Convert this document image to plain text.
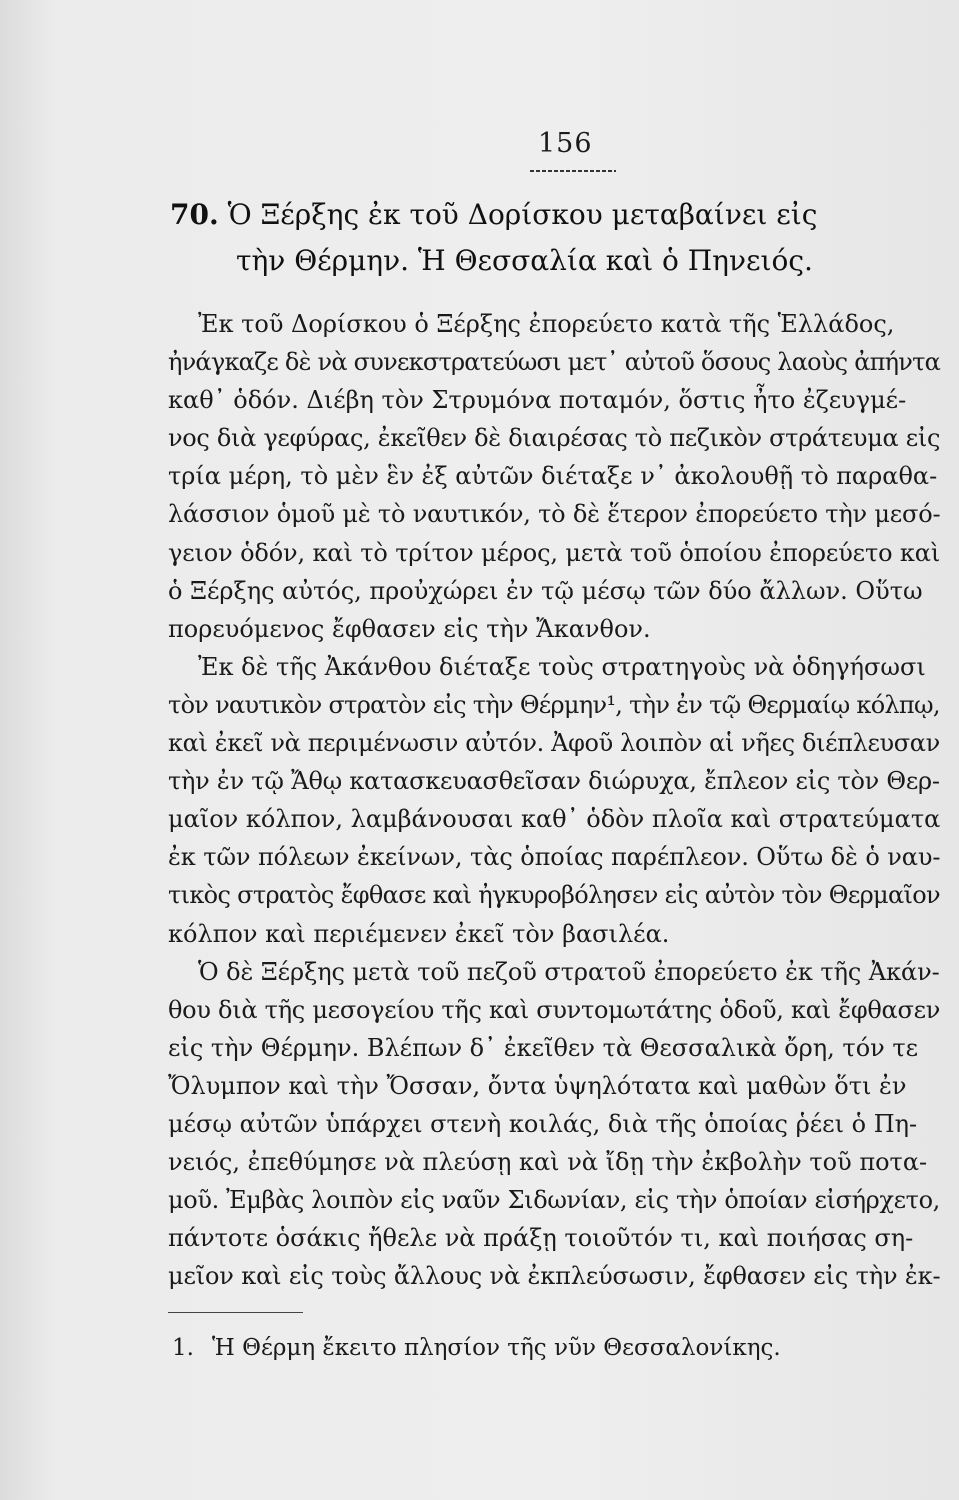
156
70. Ὁ Ξέρξης ἐκ τοῦ Δορίσκου μεταβαίνει εἰς
τὴν Θέρμην. Ἡ Θεσσαλία καὶ ὁ Πηνειός.
Ἐκ τοῦ Δορίσκου ὁ Ξέρξης ἐπορεύετο κατὰ τῆς Ἑλλάδος,
ἠνάγκαζε δὲ νὰ συνεκστρατεύωσι μετ᾽ αὐτοῦ ὅσους λαοὺς ἀπήντα
καθ᾽ ὁδόν. Διέβη τὸν Στρυμόνα ποταμόν, ὅστις ἦτο ἐζευγμέ-
νος διὰ γεφύρας, ἐκεῖθεν δὲ διαιρέσας τὸ πεζικὸν στράτευμα εἰς
τρία μέρη, τὸ μὲν ἓν ἐξ αὐτῶν διέταξε ν᾽ ἀκολουθῇ τὸ παραθα-
λάσσιον ὁμοῦ μὲ τὸ ναυτικόν, τὸ δὲ ἕτερον ἐπορεύετο τὴν μεσό-
γειον ὁδόν, καὶ τὸ τρίτον μέρος, μετὰ τοῦ ὁποίου ἐπορεύετο καὶ
ὁ Ξέρξης αὐτός, προὐχώρει ἐν τῷ μέσῳ τῶν δύο ἄλλων. Οὕτω
πορευόμενος ἔφθασεν εἰς τὴν Ἄκανθον.
Ἐκ δὲ τῆς Ἀκάνθου διέταξε τοὺς στρατηγοὺς νὰ ὁδηγήσωσι
τὸν ναυτικὸν στρατὸν εἰς τὴν Θέρμην¹, τὴν ἐν τῷ Θερμαίῳ κόλπῳ,
καὶ ἐκεῖ νὰ περιμένωσιν αὐτόν. Ἀφοῦ λοιπὸν αἱ νῆες διέπλευσαν
τὴν ἐν τῷ Ἄθῳ κατασκευασθεῖσαν διώρυχα, ἔπλεον εἰς τὸν Θερ-
μαῖον κόλπον, λαμβάνουσαι καθ᾽ ὁδὸν πλοῖα καὶ στρατεύματα
ἐκ τῶν πόλεων ἐκείνων, τὰς ὁποίας παρέπλεον. Οὕτω δὲ ὁ ναυ-
τικὸς στρατὸς ἔφθασε καὶ ἠγκυροβόλησεν εἰς αὐτὸν τὸν Θερμαῖον
κόλπον καὶ περιέμενεν ἐκεῖ τὸν βασιλέα.
Ὁ δὲ Ξέρξης μετὰ τοῦ πεζοῦ στρατοῦ ἐπορεύετο ἐκ τῆς Ἀκάν-
θου διὰ τῆς μεσογείου τῆς καὶ συντομωτάτης ὁδοῦ, καὶ ἔφθασεν
εἰς τὴν Θέρμην. Βλέπων δ᾽ ἐκεῖθεν τὰ Θεσσαλικὰ ὄρη, τόν τε
Ὄλυμπον καὶ τὴν Ὄσσαν, ὄντα ὑψηλότατα καὶ μαθὼν ὅτι ἐν
μέσῳ αὐτῶν ὑπάρχει στενὴ κοιλάς, διὰ τῆς ὁποίας ῥέει ὁ Πη-
νειός, ἐπεθύμησε νὰ πλεύσῃ καὶ νὰ ἴδῃ τὴν ἐκβολὴν τοῦ ποτα-
μοῦ. Ἐμβὰς λοιπὸν εἰς ναῦν Σιδωνίαν, εἰς τὴν ὁποίαν εἰσήρχετο,
πάντοτε ὁσάκις ἤθελε νὰ πράξῃ τοιοῦτόν τι, καὶ ποιήσας ση-
μεῖον καὶ εἰς τοὺς ἄλλους νὰ ἐκπλεύσωσιν, ἔφθασεν εἰς τὴν ἐκ-
1. Ἡ Θέρμη ἔκειτο πλησίον τῆς νῦν Θεσσαλονίκης.
